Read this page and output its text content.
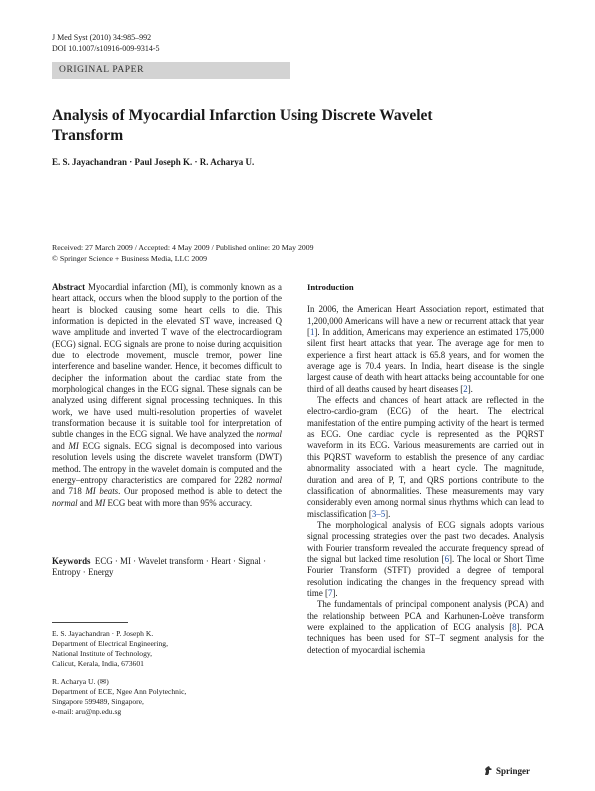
J Med Syst (2010) 34:985–992
DOI 10.1007/s10916-009-9314-5
ORIGINAL PAPER
Analysis of Myocardial Infarction Using Discrete Wavelet Transform
E. S. Jayachandran · Paul Joseph K. · R. Acharya U.
Received: 27 March 2009 / Accepted: 4 May 2009 / Published online: 20 May 2009
© Springer Science + Business Media, LLC 2009

Abstract Myocardial infarction (MI), is commonly known as a heart attack, occurs when the blood supply to the portion of the heart is blocked causing some heart cells to die. This information is depicted in the elevated ST wave, increased Q wave amplitude and inverted T wave of the electrocardiogram (ECG) signal. ECG signals are prone to noise during acquisition due to electrode movement, muscle tremor, power line interference and baseline wander. Hence, it becomes difficult to decipher the information about the cardiac state from the morphological changes in the ECG signal. These signals can be analyzed using different signal processing techniques. In this work, we have used multi-resolution properties of wavelet transformation because it is suitable tool for interpretation of subtle changes in the ECG signal. We have analyzed the normal and MI ECG signals. ECG signal is decomposed into various resolution levels using the discrete wavelet transform (DWT) method. The entropy in the wavelet domain is computed and the energy–entropy characteristics are compared for 2282 normal and 718 MI beats. Our proposed method is able to detect the normal and MI ECG beat with more than 95% accuracy.

Keywords ECG · MI · Wavelet transform · Heart · Signal · Entropy · Energy
E. S. Jayachandran · P. Joseph K.
Department of Electrical Engineering,
National Institute of Technology,
Calicut, Kerala, India, 673601
R. Acharya U. (✉)
Department of ECE, Ngee Ann Polytechnic,
Singapore 599489, Singapore,
e-mail: aru@np.edu.sg

Introduction

In 2006, the American Heart Association report, estimated that 1,200,000 Americans will have a new or recurrent attack that year [1]. In addition, Americans may experience an estimated 175,000 silent first heart attacks that year. The average age for men to experience a first heart attack is 65.8 years, and for women the average age is 70.4 years. In India, heart disease is the single largest cause of death with heart attacks being accountable for one third of all deaths caused by heart diseases [2].

The effects and chances of heart attack are reflected in the electro-cardio-gram (ECG) of the heart. The electrical manifestation of the entire pumping activity of the heart is termed as ECG. One cardiac cycle is represented as the PQRST waveform in its ECG. Various measurements are carried out in this PQRST waveform to establish the presence of any cardiac abnormality associated with a heart cycle. The magnitude, duration and area of P, T, and QRS portions contribute to the classification of abnormalities. These measurements may vary considerably even among normal sinus rhythms which can lead to misclassification [3–5].

The morphological analysis of ECG signals adopts various signal processing strategies over the past two decades. Analysis with Fourier transform revealed the accurate frequency spread of the signal but lacked time resolution [6]. The local or Short Time Fourier Transform (STFT) provided a degree of temporal resolution indicating the changes in the frequency spread with time [7].

The fundamentals of principal component analysis (PCA) and the relationship between PCA and Karhunen-Loève transform were explained to the application of ECG analysis [8]. PCA techniques has been used for ST–T segment analysis for the detection of myocardial ischemia

Springer
